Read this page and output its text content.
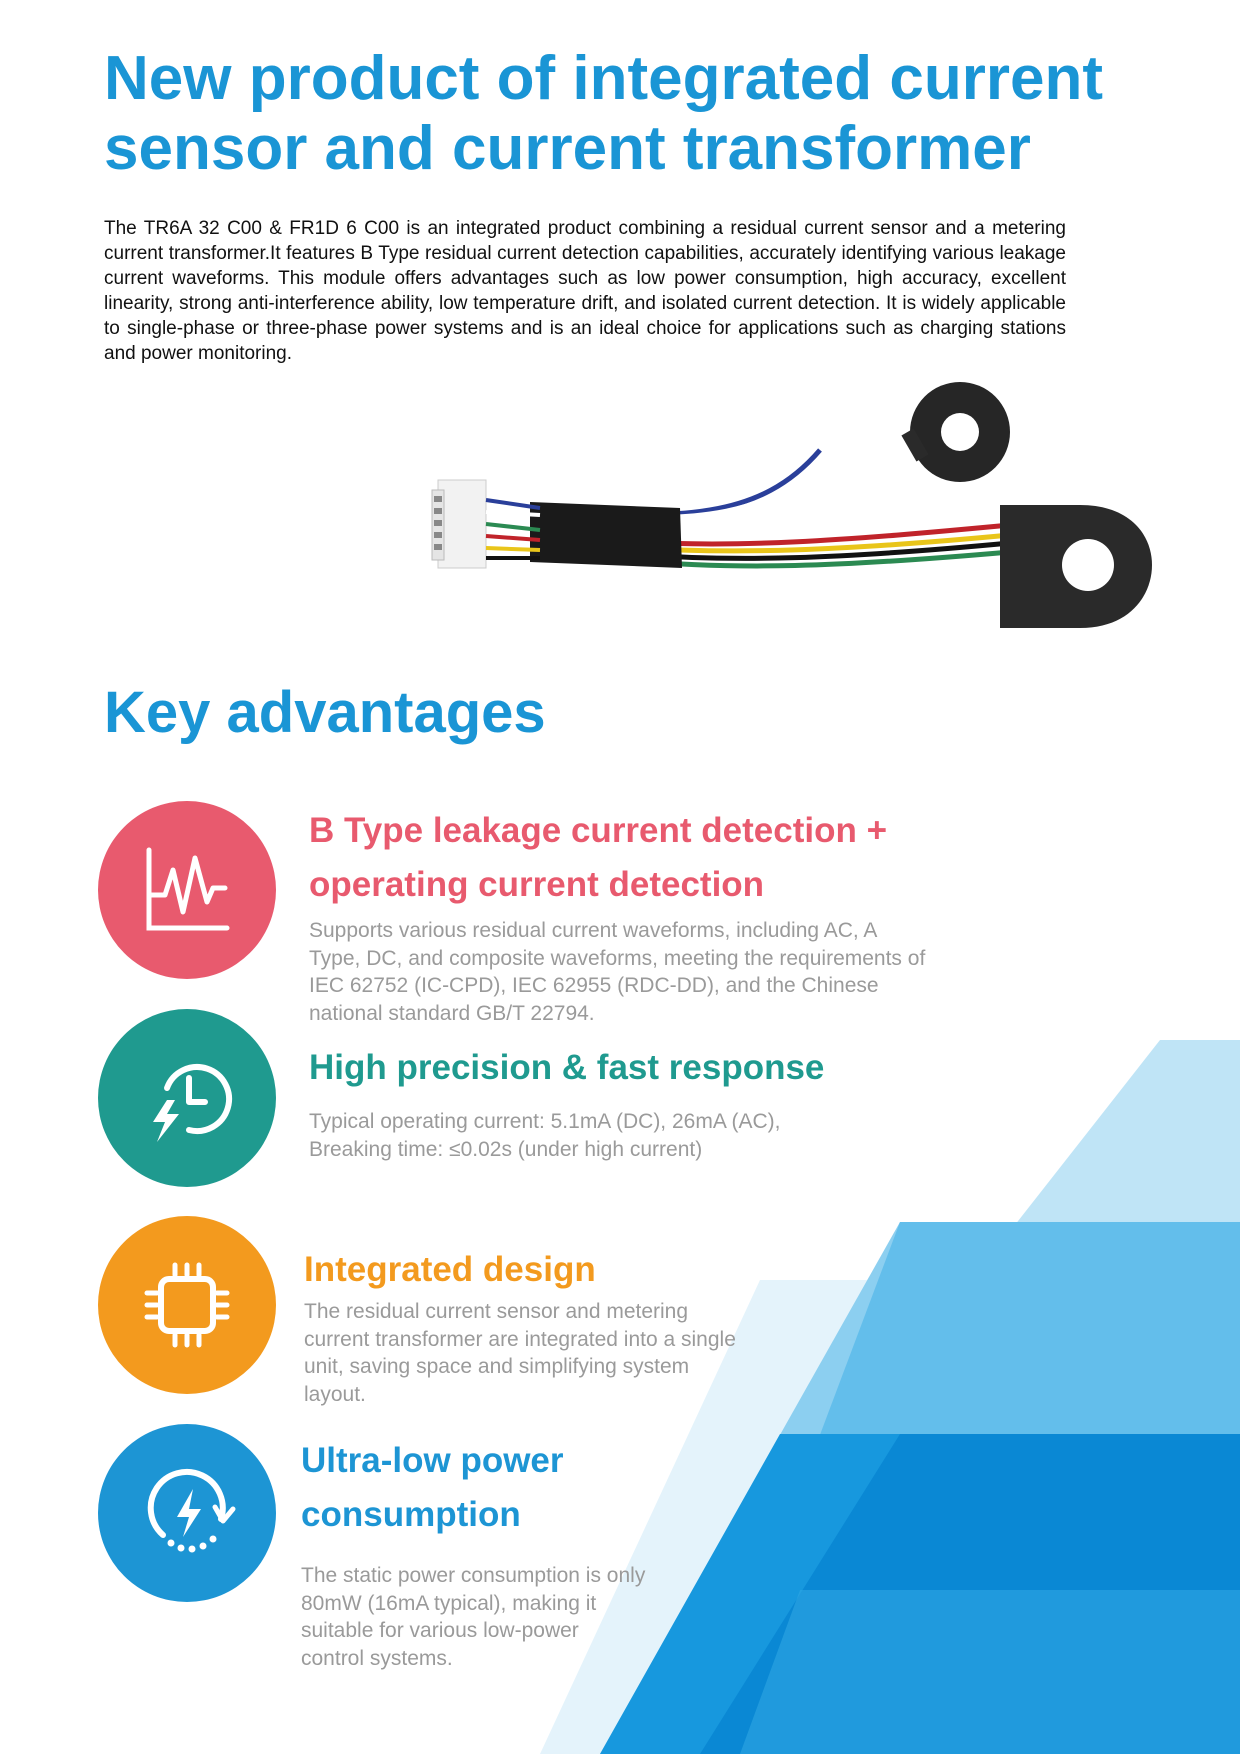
New product of integrated current
sensor and current transformer

The TR6A 32 C00 & FR1D 6 C00 is an integrated product combining a residual current sensor and a metering current transformer.It features B Type residual current detection capabilities, accurately identifying various leakage current waveforms. This module offers advantages such as low power consumption, high accuracy, excellent linearity, strong anti-interference ability, low temperature drift, and isolated current detection. It is widely applicable to single-phase or three-phase power systems and is an ideal choice for applications such as charging stations and power monitoring.

Key advantages
B Type leakage current detection +
operating current detection
Supports various residual current waveforms, including AC, A
Type, DC, and composite waveforms, meeting the requirements of
IEC 62752 (IC-CPD), IEC 62955 (RDC-DD), and the Chinese
national standard GB/T 22794.
High precision & fast response
Typical operating current: 5.1mA (DC), 26mA (AC),
Breaking time: ≤0.02s (under high current)
Integrated design
The residual current sensor and metering
current transformer are integrated into a single
unit, saving space and simplifying system
layout.
Ultra-low power
consumption
The static power consumption is only
80mW (16mA typical), making it
suitable for various low-power
control systems.
